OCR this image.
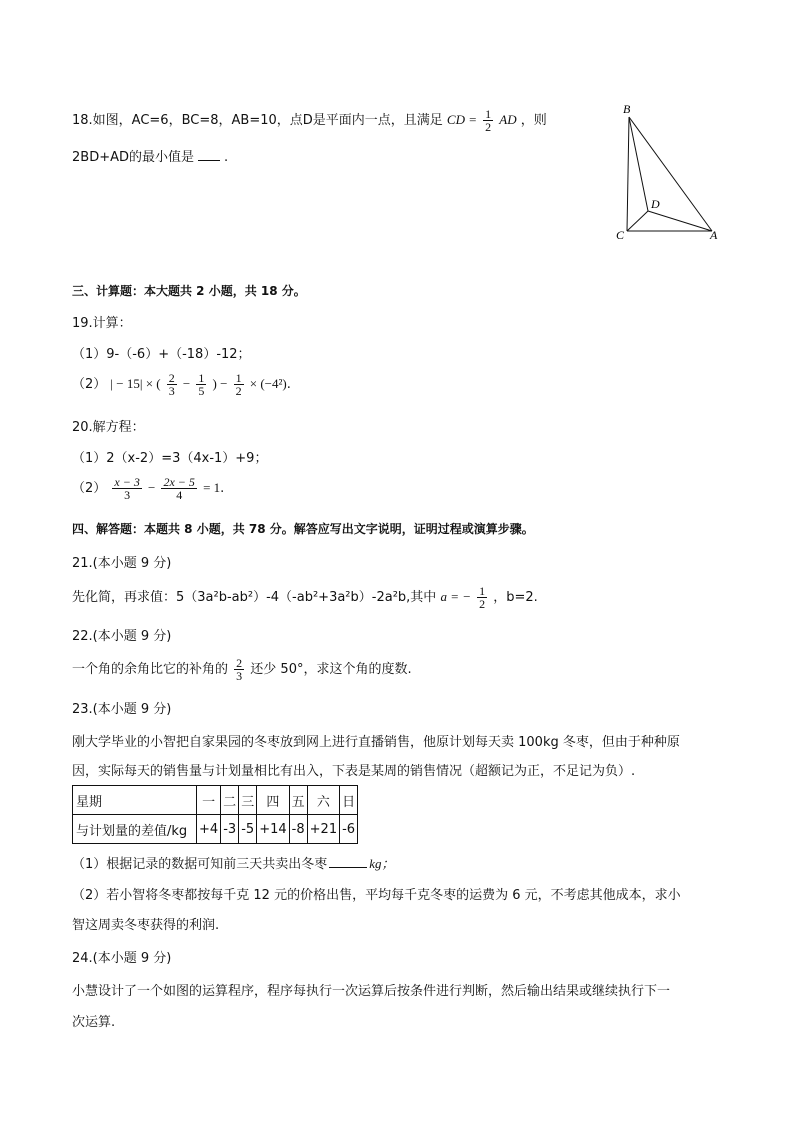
18.如图，AC=6，BC=8，AB=10，点D是平面内一点，且满足 CD = $\frac{1}{2}$ AD ，则
2BD+AD的最小值是 .
B
C	A
D
三、计算题：本大题共 2 小题，共 18 分。
19.计算：
（1）9-（-6）+（-18）-12；
（2） | − 15| × ( $\frac{2}{3} - \frac{1}{5}$ ) − $\frac{1}{2} \times (-4^2)$.
20.解方程：
（1）2（x-2）=3（4x-1）+9；
$(2) \frac{x - 3}{3} - \frac{2x - 5}{4} = 1$.
四、解答题：本题共 8 小题，共 78 分。解答应写出文字说明，证明过程或演算步骤。
21.(本小题 9 分)
先化简，再求值：5（3a²b-ab²）-4（-ab²+3a²b）-2a²b,其中 a = − $\frac{1}{2}$ ，b=2.
22.(本小题 9 分)
一个角的余角比它的补角的 $\frac{2}{3}$ 还少 50°，求这个角的度数.
23.(本小题 9 分)
刚大学毕业的小智把自家果园的冬枣放到网上进行直播销售，他原计划每天卖 100kg 冬枣，但由于种种原
因，实际每天的销售量与计划量相比有出入，下表是某周的销售情况（超额记为正，不足记为负）.
星期	一	二	三	四	五	六	日
与计划量的差值/kg	+4	-3	-5	+14	-8	+21	-6
（1）根据记录的数据可知前三天共卖出冬枣	kg；
（2）若小智将冬枣都按每千克 12 元的价格出售，平均每千克冬枣的运费为 6 元，不考虑其他成本，求小
智这周卖冬枣获得的利润.
24.(本小题 9 分)
小慧设计了一个如图的运算程序，程序每执行一次运算后按条件进行判断，然后输出结果或继续执行下一
次运算.
